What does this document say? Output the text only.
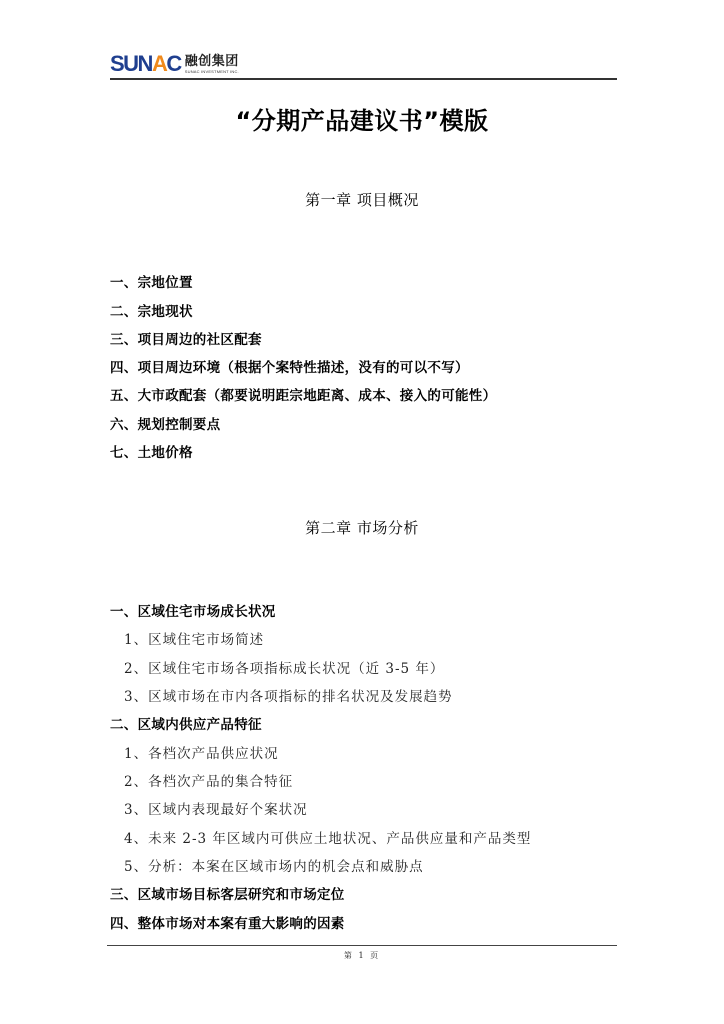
SUNAC 融创集团
SUNAC INVESTMENT INC.
“分期产品建议书”模版
第一章 项目概况
一、宗地位置
二、宗地现状
三、项目周边的社区配套
四、项目周边环境（根据个案特性描述，没有的可以不写）
五、大市政配套（都要说明距宗地距离、成本、接入的可能性）
六、规划控制要点
七、土地价格
第二章 市场分析
一、区域住宅市场成长状况
1、区域住宅市场简述
2、区域住宅市场各项指标成长状况（近 3-5 年）
3、区域市场在市内各项指标的排名状况及发展趋势
二、区域内供应产品特征
1、各档次产品供应状况
2、各档次产品的集合特征
3、区域内表现最好个案状况
4、未来 2-3 年区域内可供应土地状况、产品供应量和产品类型
5、分析：本案在区域市场内的机会点和威胁点
三、区域市场目标客层研究和市场定位
四、整体市场对本案有重大影响的因素
第 1 页
